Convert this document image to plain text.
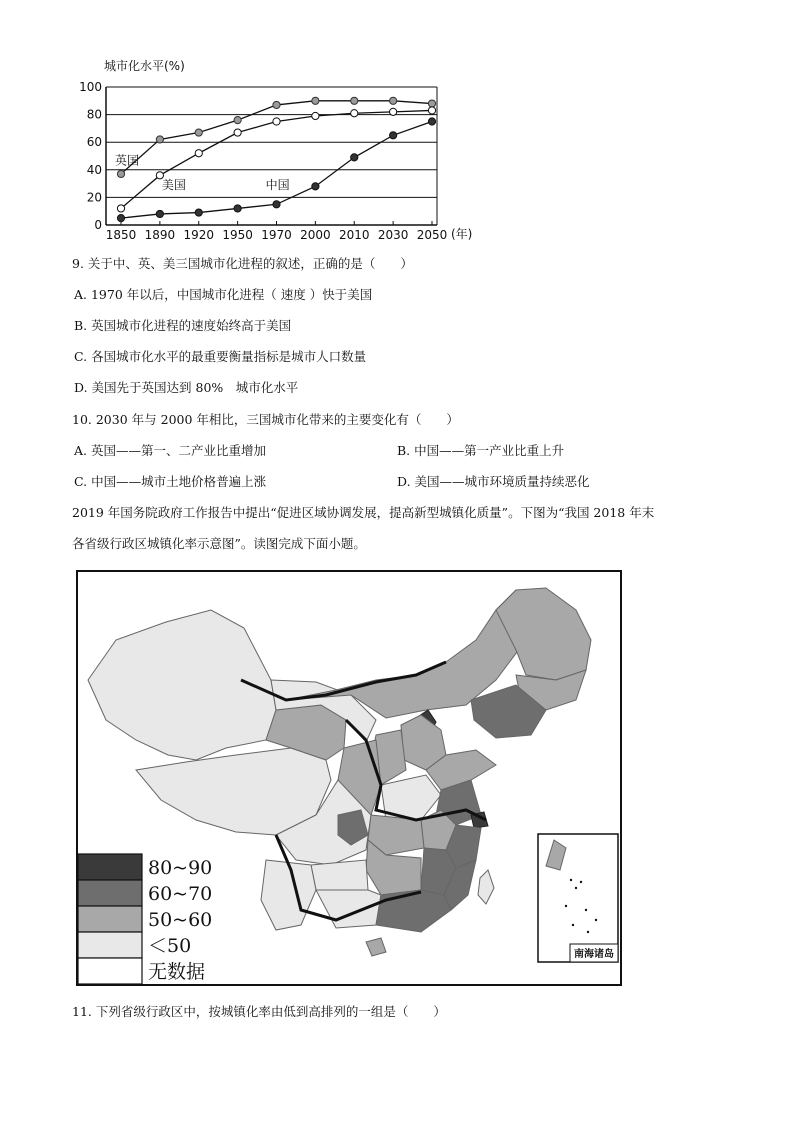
城市化水平(%)
0
20
40
60
80
100
1850 1890 1920 1950 1970 2000 2010 2030 2050
英国
美国	中国
(年)
9. 关于中、英、美三国城市化进程的叙述，正确的是（　　）
A. 1970 年以后，中国城市化进程（ 速度 ）快于美国
B. 英国城市化进程的速度始终高于美国
C. 各国城市化水平的最重要衡量指标是城市人口数量
D. 美国先于英国达到 80%　城市化水平
10. 2030 年与 2000 年相比，三国城市化带来的主要变化有（　　）
A. 英国——第一、二产业比重增加	B. 中国——第一产业比重上升
C. 中国——城市土地价格普遍上涨	D. 美国——城市环境质量持续恶化
2019 年国务院政府工作报告中提出“促进区域协调发展，提高新型城镇化质量”。下图为“我国 2018 年末
各省级行政区城镇化率示意图”。读图完成下面小题。
80~90
60~70
50~60
＜50
无数据
南海诸岛
11. 下列省级行政区中，按城镇化率由低到高排列的一组是（　　）
